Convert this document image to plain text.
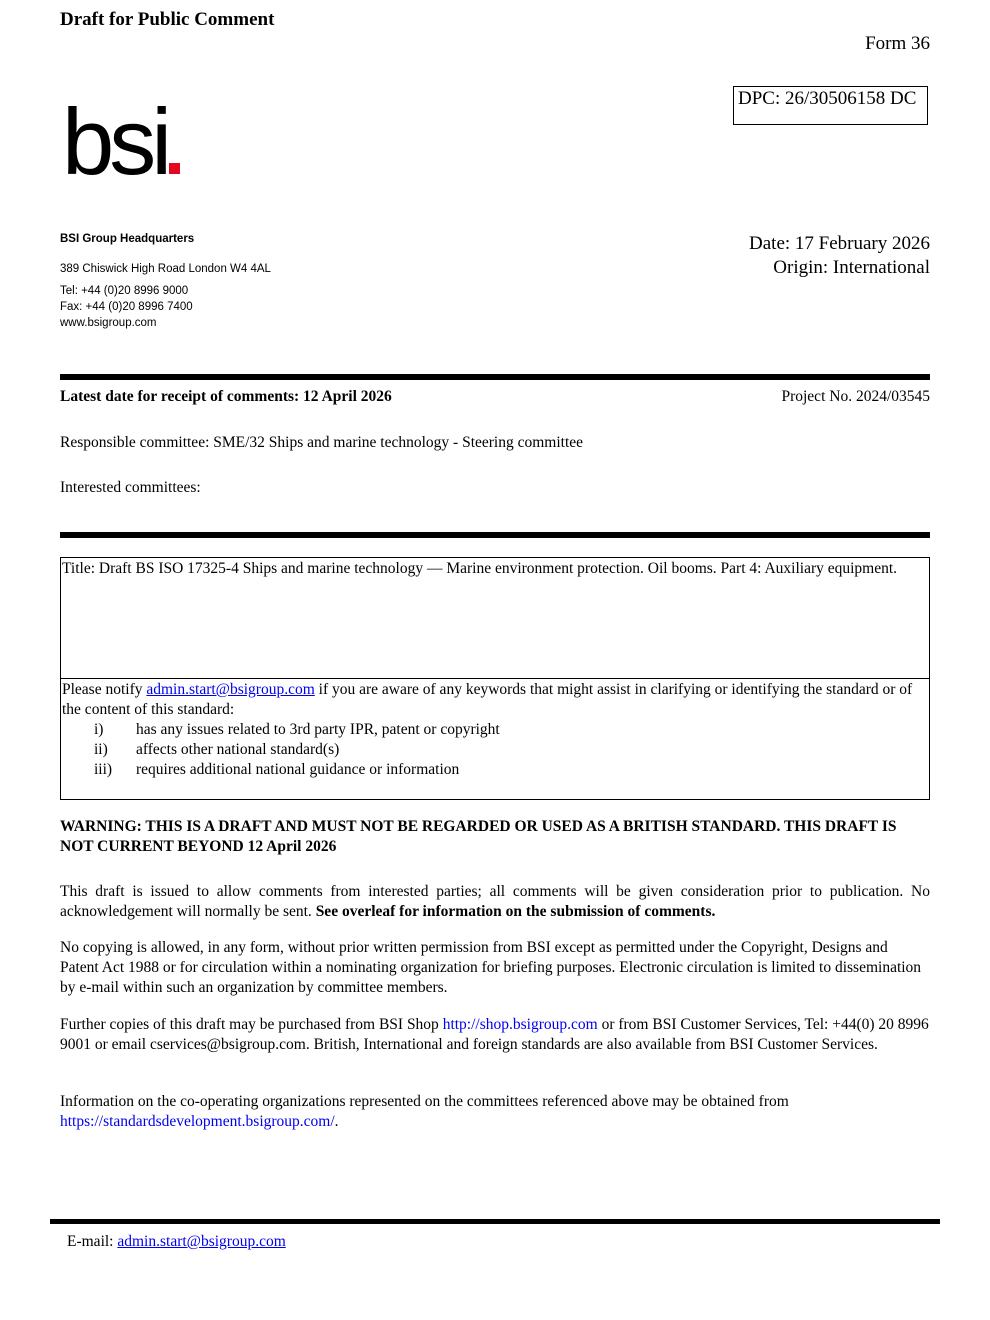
Draft for Public Comment
Form 36
DPC: 26/30506158 DC
bsi
BSI Group Headquarters
389 Chiswick High Road London W4 4AL
Tel: +44 (0)20 8996 9000
Fax: +44 (0)20 8996 7400
www.bsigroup.com
Date: 17 February 2026
Origin: International
Latest date for receipt of comments: 12 April 2026	Project No. 2024/03545
Responsible committee: SME/32 Ships and marine technology - Steering committee
Interested committees:
Title: Draft BS ISO 17325-4 Ships and marine technology — Marine environment protection. Oil booms. Part 4: Auxiliary equipment.
Please notify admin.start@bsigroup.com if you are aware of any keywords that might assist in clarifying or identifying the standard or of the content of this standard:
i)	has any issues related to 3rd party IPR, patent or copyright
ii)	affects other national standard(s)
iii)	requires additional national guidance or information
WARNING: THIS IS A DRAFT AND MUST NOT BE REGARDED OR USED AS A BRITISH STANDARD. THIS DRAFT IS NOT CURRENT BEYOND 12 April 2026
This draft is issued to allow comments from interested parties; all comments will be given consideration prior to publication. No acknowledgement will normally be sent. See overleaf for information on the submission of comments.
No copying is allowed, in any form, without prior written permission from BSI except as permitted under the Copyright, Designs and Patent Act 1988 or for circulation within a nominating organization for briefing purposes. Electronic circulation is limited to dissemination by e-mail within such an organization by committee members.
Further copies of this draft may be purchased from BSI Shop http://shop.bsigroup.com or from BSI Customer Services, Tel: +44(0) 20 8996 9001 or email cservices@bsigroup.com. British, International and foreign standards are also available from BSI Customer Services.
Information on the co-operating organizations represented on the committees referenced above may be obtained from https://standardsdevelopment.bsigroup.com/.
E-mail: admin.start@bsigroup.com
